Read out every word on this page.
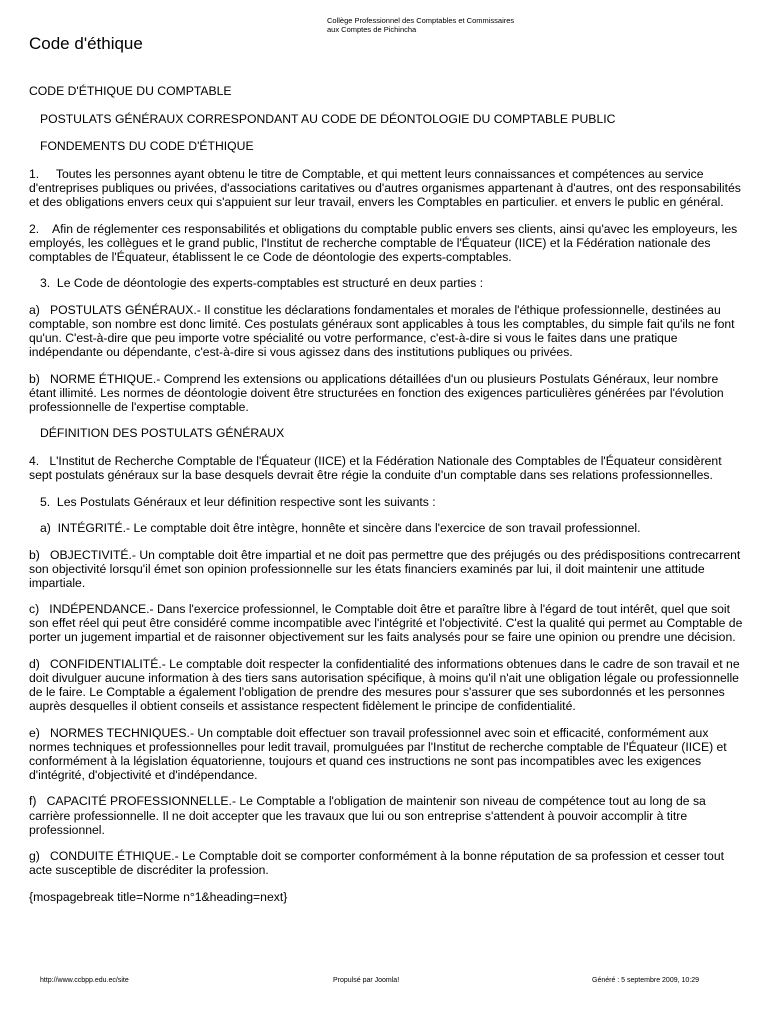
Collège Professionnel des Comptables et Commissaires
aux Comptes de Pichincha
Code d'éthique

CODE D'ÉTHIQUE DU COMPTABLE

POSTULATS GÉNÉRAUX CORRESPONDANT AU CODE DE DÉONTOLOGIE DU COMPTABLE PUBLIC

FONDEMENTS DU CODE D'ÉTHIQUE

1.     Toutes les personnes ayant obtenu le titre de Comptable, et qui mettent leurs connaissances et compétences au service d'entreprises publiques ou privées, d'associations caritatives ou d'autres organismes appartenant à d'autres, ont des responsabilités et des obligations envers ceux qui s'appuient sur leur travail, envers les Comptables en particulier. et envers le public en général.

2.    Afin de réglementer ces responsabilités et obligations du comptable public envers ses clients, ainsi qu'avec les employeurs, les employés, les collègues et le grand public, l'Institut de recherche comptable de l'Équateur (IICE) et la Fédération nationale des comptables de l'Équateur, établissent le ce Code de déontologie des experts-comptables.

3.  Le Code de déontologie des experts-comptables est structuré en deux parties :

a)   POSTULATS GÉNÉRAUX.- Il constitue les déclarations fondamentales et morales de l'éthique professionnelle, destinées au comptable, son nombre est donc limité. Ces postulats généraux sont applicables à tous les comptables, du simple fait qu'ils ne font qu'un. C'est-à-dire que peu importe votre spécialité ou votre performance, c'est-à-dire si vous le faites dans une pratique indépendante ou dépendante, c'est-à-dire si vous agissez dans des institutions publiques ou privées.

b)   NORME ÉTHIQUE.- Comprend les extensions ou applications détaillées d'un ou plusieurs Postulats Généraux, leur nombre étant illimité. Les normes de déontologie doivent être structurées en fonction des exigences particulières générées par l'évolution professionnelle de l'expertise comptable.

DÉFINITION DES POSTULATS GÉNÉRAUX

4.   L'Institut de Recherche Comptable de l'Équateur (IICE) et la Fédération Nationale des Comptables de l'Équateur considèrent sept postulats généraux sur la base desquels devrait être régie la conduite d'un comptable dans ses relations professionnelles.

5.  Les Postulats Généraux et leur définition respective sont les suivants :

a)  INTÉGRITÉ.- Le comptable doit être intègre, honnête et sincère dans l'exercice de son travail professionnel.

b)   OBJECTIVITÉ.- Un comptable doit être impartial et ne doit pas permettre que des préjugés ou des prédispositions contrecarrent son objectivité lorsqu'il émet son opinion professionnelle sur les états financiers examinés par lui, il doit maintenir une attitude impartiale.

c)   INDÉPENDANCE.- Dans l'exercice professionnel, le Comptable doit être et paraître libre à l'égard de tout intérêt, quel que soit son effet réel qui peut être considéré comme incompatible avec l'intégrité et l'objectivité. C'est la qualité qui permet au Comptable de porter un jugement impartial et de raisonner objectivement sur les faits analysés pour se faire une opinion ou prendre une décision.

d)   CONFIDENTIALITÉ.- Le comptable doit respecter la confidentialité des informations obtenues dans le cadre de son travail et ne doit divulguer aucune information à des tiers sans autorisation spécifique, à moins qu'il n'ait une obligation légale ou professionnelle de le faire. Le Comptable a également l'obligation de prendre des mesures pour s'assurer que ses subordonnés et les personnes auprès desquelles il obtient conseils et assistance respectent fidèlement le principe de confidentialité.

e)   NORMES TECHNIQUES.- Un comptable doit effectuer son travail professionnel avec soin et efficacité, conformément aux normes techniques et professionnelles pour ledit travail, promulguées par l'Institut de recherche comptable de l'Équateur (IICE) et conformément à la législation équatorienne, toujours et quand ces instructions ne sont pas incompatibles avec les exigences d'intégrité, d'objectivité et d'indépendance.

f)   CAPACITÉ PROFESSIONNELLE.- Le Comptable a l'obligation de maintenir son niveau de compétence tout au long de sa carrière professionnelle. Il ne doit accepter que les travaux que lui ou son entreprise s'attendent à pouvoir accomplir à titre professionnel.

g)   CONDUITE ÉTHIQUE.- Le Comptable doit se comporter conformément à la bonne réputation de sa profession et cesser tout acte susceptible de discréditer la profession.

{mospagebreak title=Norme n°1&heading=next}

http://www.ccbpp.edu.ec/site	Propulsé par Joomla!	Généré : 5 septembre 2009, 10:29
